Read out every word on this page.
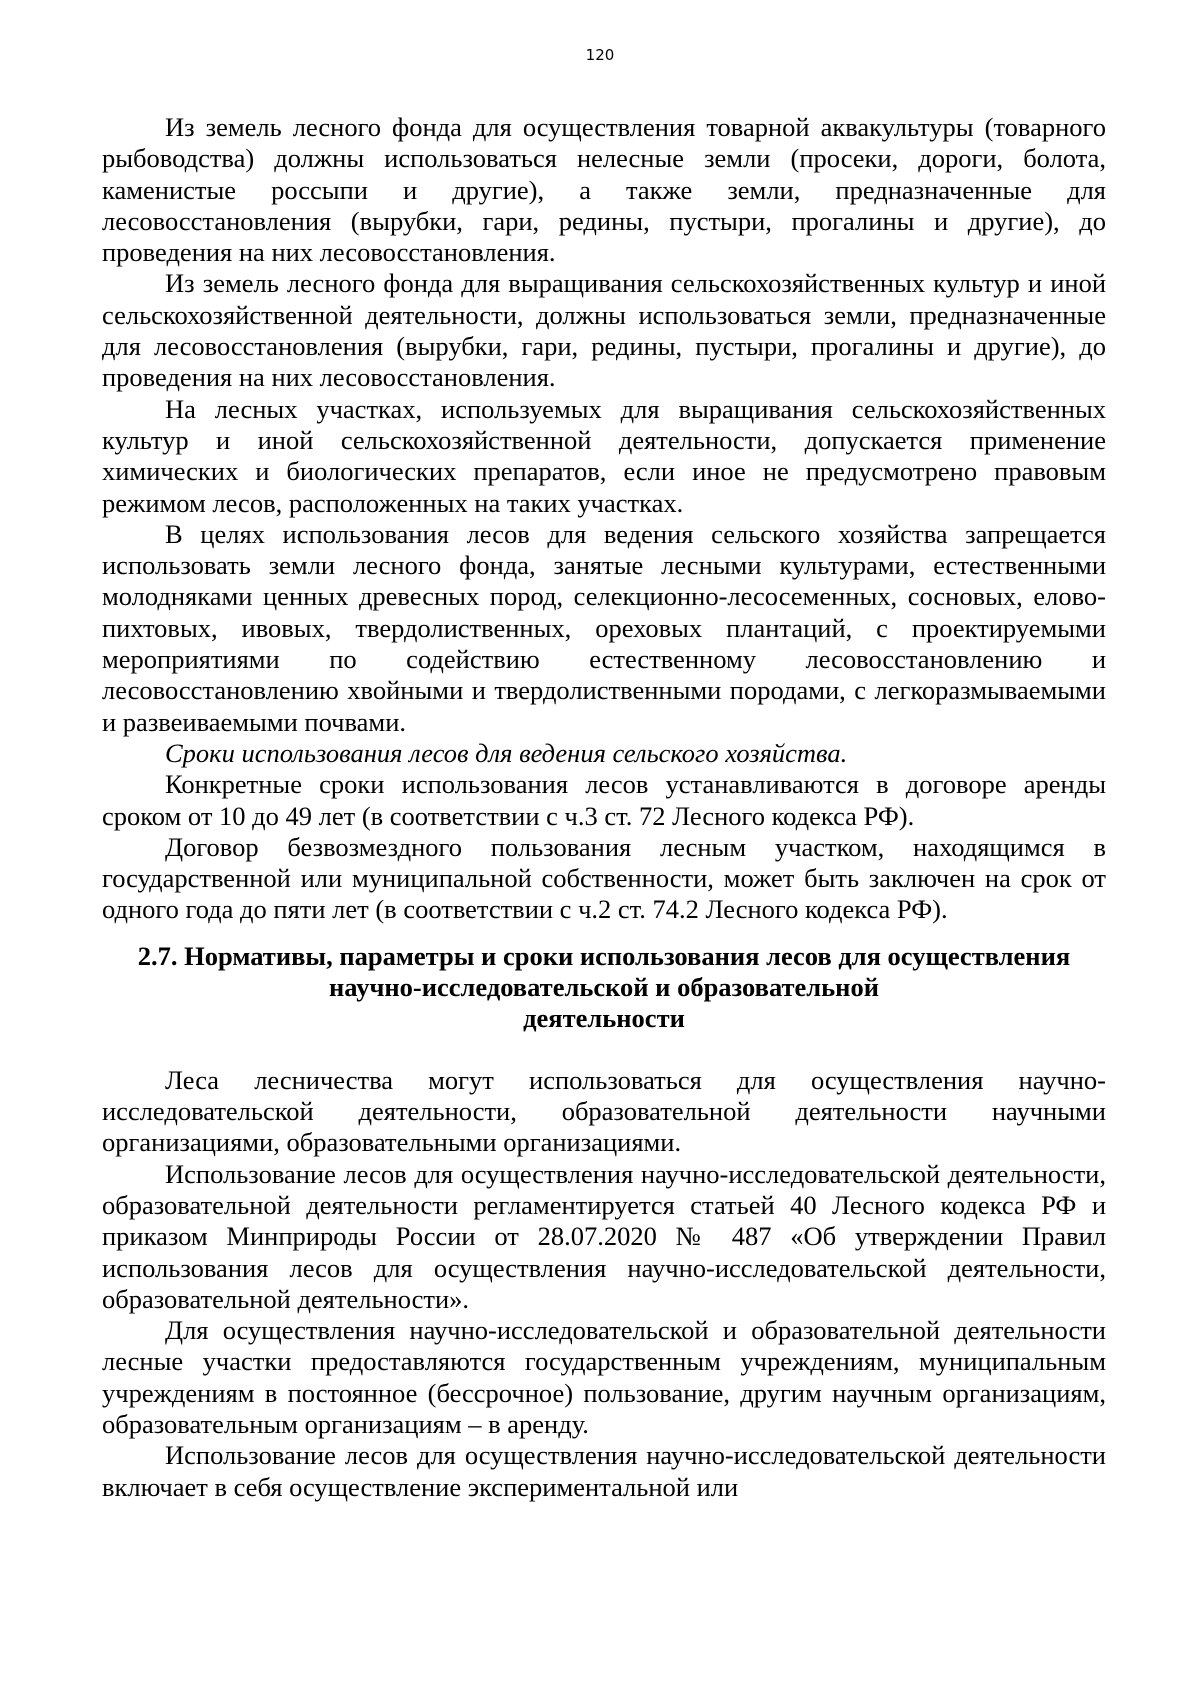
120

Из земель лесного фонда для осуществления товарной аквакультуры (товарного рыбоводства) должны использоваться нелесные земли (просеки, дороги, болота, каменистые россыпи и другие), а также земли, предназначенные для лесовосстановления (вырубки, гари, редины, пустыри, прогалины и другие), до проведения на них лесовосстановления.

Из земель лесного фонда для выращивания сельскохозяйственных культур и иной сельскохозяйственной деятельности, должны использоваться земли, предназначенные для лесовосстановления (вырубки, гари, редины, пустыри, прогалины и другие), до проведения на них лесовосстановления.

На лесных участках, используемых для выращивания сельскохозяйственных культур и иной сельскохозяйственной деятельности, допускается применение химических и биологических препаратов, если иное не предусмотрено правовым режимом лесов, расположенных на таких участках.

В целях использования лесов для ведения сельского хозяйства запрещается использовать земли лесного фонда, занятые лесными культурами, естественными молодняками ценных древесных пород, селекционно-лесосеменных, сосновых, елово-пихтовых, ивовых, твердолиственных, ореховых плантаций, с проектируемыми мероприятиями по содействию естественному лесовосстановлению и лесовосстановлению хвойными и твердолиственными породами, с легкоразмываемыми и развеиваемыми почвами.

Сроки использования лесов для ведения сельского хозяйства.

Конкретные сроки использования лесов устанавливаются в договоре аренды сроком от 10 до 49 лет (в соответствии с ч.3 ст. 72 Лесного кодекса РФ).

Договор безвозмездного пользования лесным участком, находящимся в государственной или муниципальной собственности, может быть заключен на срок от одного года до пяти лет (в соответствии с ч.2 ст. 74.2 Лесного кодекса РФ).

2.7. Нормативы, параметры и сроки использования лесов для осуществления
научно-исследовательской и образовательной
деятельности

Леса лесничества могут использоваться для осуществления научно-исследовательской деятельности, образовательной деятельности научными организациями, образовательными организациями.

Использование лесов для осуществления научно-исследовательской деятельности, образовательной деятельности регламентируется статьей 40 Лесного кодекса РФ и приказом Минприроды России от 28.07.2020 № 487 «Об утверждении Правил использования лесов для осуществления научно-исследовательской деятельности, образовательной деятельности».

Для осуществления научно-исследовательской и образовательной деятельности лесные участки предоставляются государственным учреждениям, муниципальным учреждениям в постоянное (бессрочное) пользование, другим научным организациям, образовательным организациям – в аренду.

Использование лесов для осуществления научно-исследовательской деятельности включает в себя осуществление экспериментальной или
